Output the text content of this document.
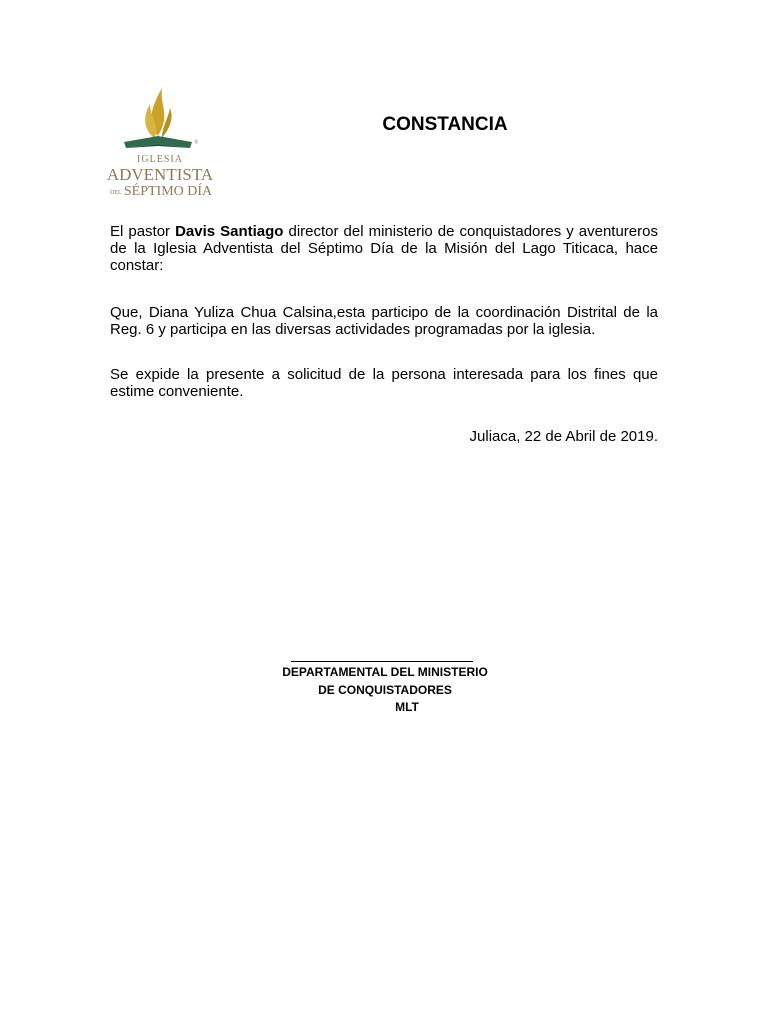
®
IGLESIA
ADVENTISTA
DEL SÉPTIMO DÍA
CONSTANCIA
El pastor Davis Santiago director del ministerio de conquistadores y aventureros de la Iglesia Adventista del Séptimo Día de la Misión del Lago Titicaca, hace constar:
Que, Diana Yuliza Chua Calsina,esta participo de la coordinación Distrital de la Reg. 6 y participa en las diversas actividades programadas por la iglesia.
Se expide la presente a solicitud de la persona interesada para los fines que estime conveniente.
Juliaca, 22 de Abril de 2019.
DEPARTAMENTAL DEL MINISTERIO
DE CONQUISTADORES
MLT
